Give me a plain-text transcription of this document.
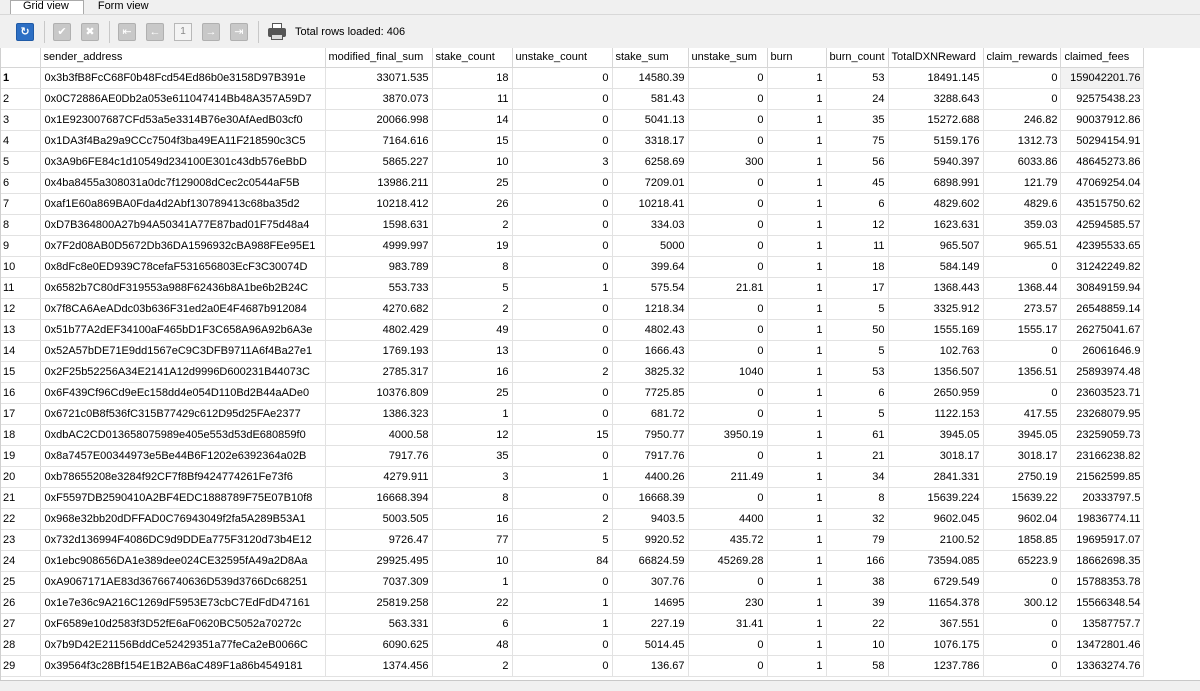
Grid view	Form view
↻	✔ ✖	⇤ ←	1	→ ⇥	Total rows loaded: 406
	sender_address	modified_final_sum	stake_count	unstake_count	stake_sum	unstake_sum	burn	burn_count	TotalDXNReward	claim_rewards	claimed_fees
1	0x3b3fB8FcC68F0b48Fcd54Ed86b0e3158D97B391e	33071.535	18	0	14580.39	0	1	53	18491.145	0	159042201.76
2	0x0C72886AE0Db2a053e611047414Bb48A357A59D7	3870.073	11	0	581.43	0	1	24	3288.643	0	92575438.23
3	0x1E923007687CFd53a5e3314B76e30AfAedB03cf0	20066.998	14	0	5041.13	0	1	35	15272.688	246.82	90037912.86
4	0x1DA3f4Ba29a9CCc7504f3ba49EA11F218590c3C5	7164.616	15	0	3318.17	0	1	75	5159.176	1312.73	50294154.91
5	0x3A9b6FE84c1d10549d234100E301c43db576eBbD	5865.227	10	3	6258.69	300	1	56	5940.397	6033.86	48645273.86
6	0x4ba8455a308031a0dc7f129008dCec2c0544aF5B	13986.211	25	0	7209.01	0	1	45	6898.991	121.79	47069254.04
7	0xaf1E60a869BA0Fda4d2Abf130789413c68ba35d2	10218.412	26	0	10218.41	0	1	6	4829.602	4829.6	43515750.62
8	0xD7B364800A27b94A50341A77E87bad01F75d48a4	1598.631	2	0	334.03	0	1	12	1623.631	359.03	42594585.57
9	0x7F2d08AB0D5672Db36DA1596932cBA988FEe95E1	4999.997	19	0	5000	0	1	11	965.507	965.51	42395533.65
10	0x8dFc8e0ED939C78cefaF531656803EcF3C30074D	983.789	8	0	399.64	0	1	18	584.149	0	31242249.82
11	0x6582b7C80dF319553a988F62436b8A1be6b2B24C	553.733	5	1	575.54	21.81	1	17	1368.443	1368.44	30849159.94
12	0x7f8CA6AeADdc03b636F31ed2a0E4F4687b912084	4270.682	2	0	1218.34	0	1	5	3325.912	273.57	26548859.14
13	0x51b77A2dEF34100aF465bD1F3C658A96A92b6A3e	4802.429	49	0	4802.43	0	1	50	1555.169	1555.17	26275041.67
14	0x52A57bDE71E9dd1567eC9C3DFB9711A6f4Ba27e1	1769.193	13	0	1666.43	0	1	5	102.763	0	26061646.9
15	0x2F25b52256A34E2141A12d9996D600231B44073C	2785.317	16	2	3825.32	1040	1	53	1356.507	1356.51	25893974.48
16	0x6F439Cf96Cd9eEc158dd4e054D110Bd2B44aADe0	10376.809	25	0	7725.85	0	1	6	2650.959	0	23603523.71
17	0x6721c0B8f536fC315B77429c612D95d25FAe2377	1386.323	1	0	681.72	0	1	5	1122.153	417.55	23268079.95
18	0xdbAC2CD013658075989e405e553d53dE680859f0	4000.58	12	15	7950.77	3950.19	1	61	3945.05	3945.05	23259059.73
19	0x8a7457E00344973e5Be44B6F1202e6392364a02B	7917.76	35	0	7917.76	0	1	21	3018.17	3018.17	23166238.82
20	0xb78655208e3284f92CF7f8Bf9424774261Fe73f6	4279.911	3	1	4400.26	211.49	1	34	2841.331	2750.19	21562599.85
21	0xF5597DB2590410A2BF4EDC1888789F75E07B10f8	16668.394	8	0	16668.39	0	1	8	15639.224	15639.22	20333797.5
22	0x968e32bb20dDFFAD0C76943049f2fa5A289B53A1	5003.505	16	2	9403.5	4400	1	32	9602.045	9602.04	19836774.11
23	0x732d136994F4086DC9d9DDEa775F3120d73b4E12	9726.47	77	5	9920.52	435.72	1	79	2100.52	1858.85	19695917.07
24	0x1ebc908656DA1e389dee024CE32595fA49a2D8Aa	29925.495	10	84	66824.59	45269.28	1	166	73594.085	65223.9	18662698.35
25	0xA9067171AE83d36766740636D539d3766Dc68251	7037.309	1	0	307.76	0	1	38	6729.549	0	15788353.78
26	0x1e7e36c9A216C1269dF5953E73cbC7EdFdD47161	25819.258	22	1	14695	230	1	39	11654.378	300.12	15566348.54
27	0xF6589e10d2583f3D52fE6aF0620BC5052a70272c	563.331	6	1	227.19	31.41	1	22	367.551	0	13587757.7
28	0x7b9D42E21156BddCe52429351a77feCa2eB0066C	6090.625	48	0	5014.45	0	1	10	1076.175	0	13472801.46
29	0x39564f3c28Bf154E1B2AB6aC489F1a86b4549181	1374.456	2	0	136.67	0	1	58	1237.786	0	13363274.76
